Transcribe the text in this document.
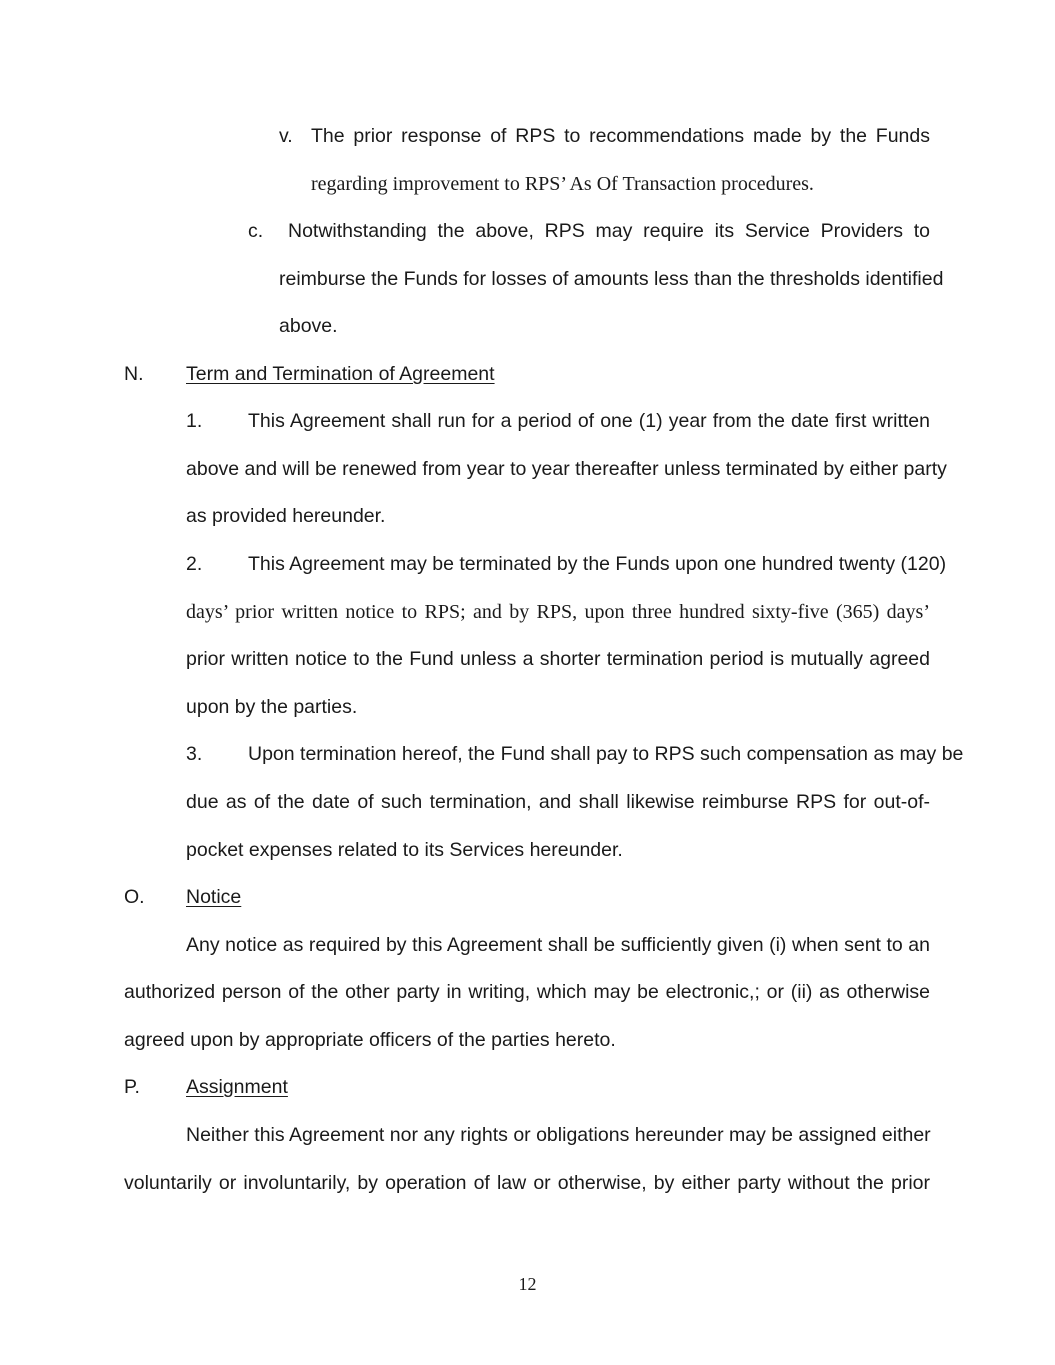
v. The prior response of RPS to recommendations made by the Funds
regarding improvement to RPS’ As Of Transaction procedures.
c. Notwithstanding the above, RPS may require its Service Providers to
reimburse the Funds for losses of amounts less than the thresholds identified
above.
N. Term and Termination of Agreement
1. This Agreement shall run for a period of one (1) year from the date first written
above and will be renewed from year to year thereafter unless terminated by either party
as provided hereunder.
2. This Agreement may be terminated by the Funds upon one hundred twenty (120)
days’ prior written notice to RPS; and by RPS, upon three hundred sixty-five (365) days’
prior written notice to the Fund unless a shorter termination period is mutually agreed
upon by the parties.
3. Upon termination hereof, the Fund shall pay to RPS such compensation as may be
due as of the date of such termination, and shall likewise reimburse RPS for out-of-
pocket expenses related to its Services hereunder.
O. Notice
Any notice as required by this Agreement shall be sufficiently given (i) when sent to an
authorized person of the other party in writing, which may be electronic,; or (ii) as otherwise
agreed upon by appropriate officers of the parties hereto.
P. Assignment
Neither this Agreement nor any rights or obligations hereunder may be assigned either
voluntarily or involuntarily, by operation of law or otherwise, by either party without the prior
12
